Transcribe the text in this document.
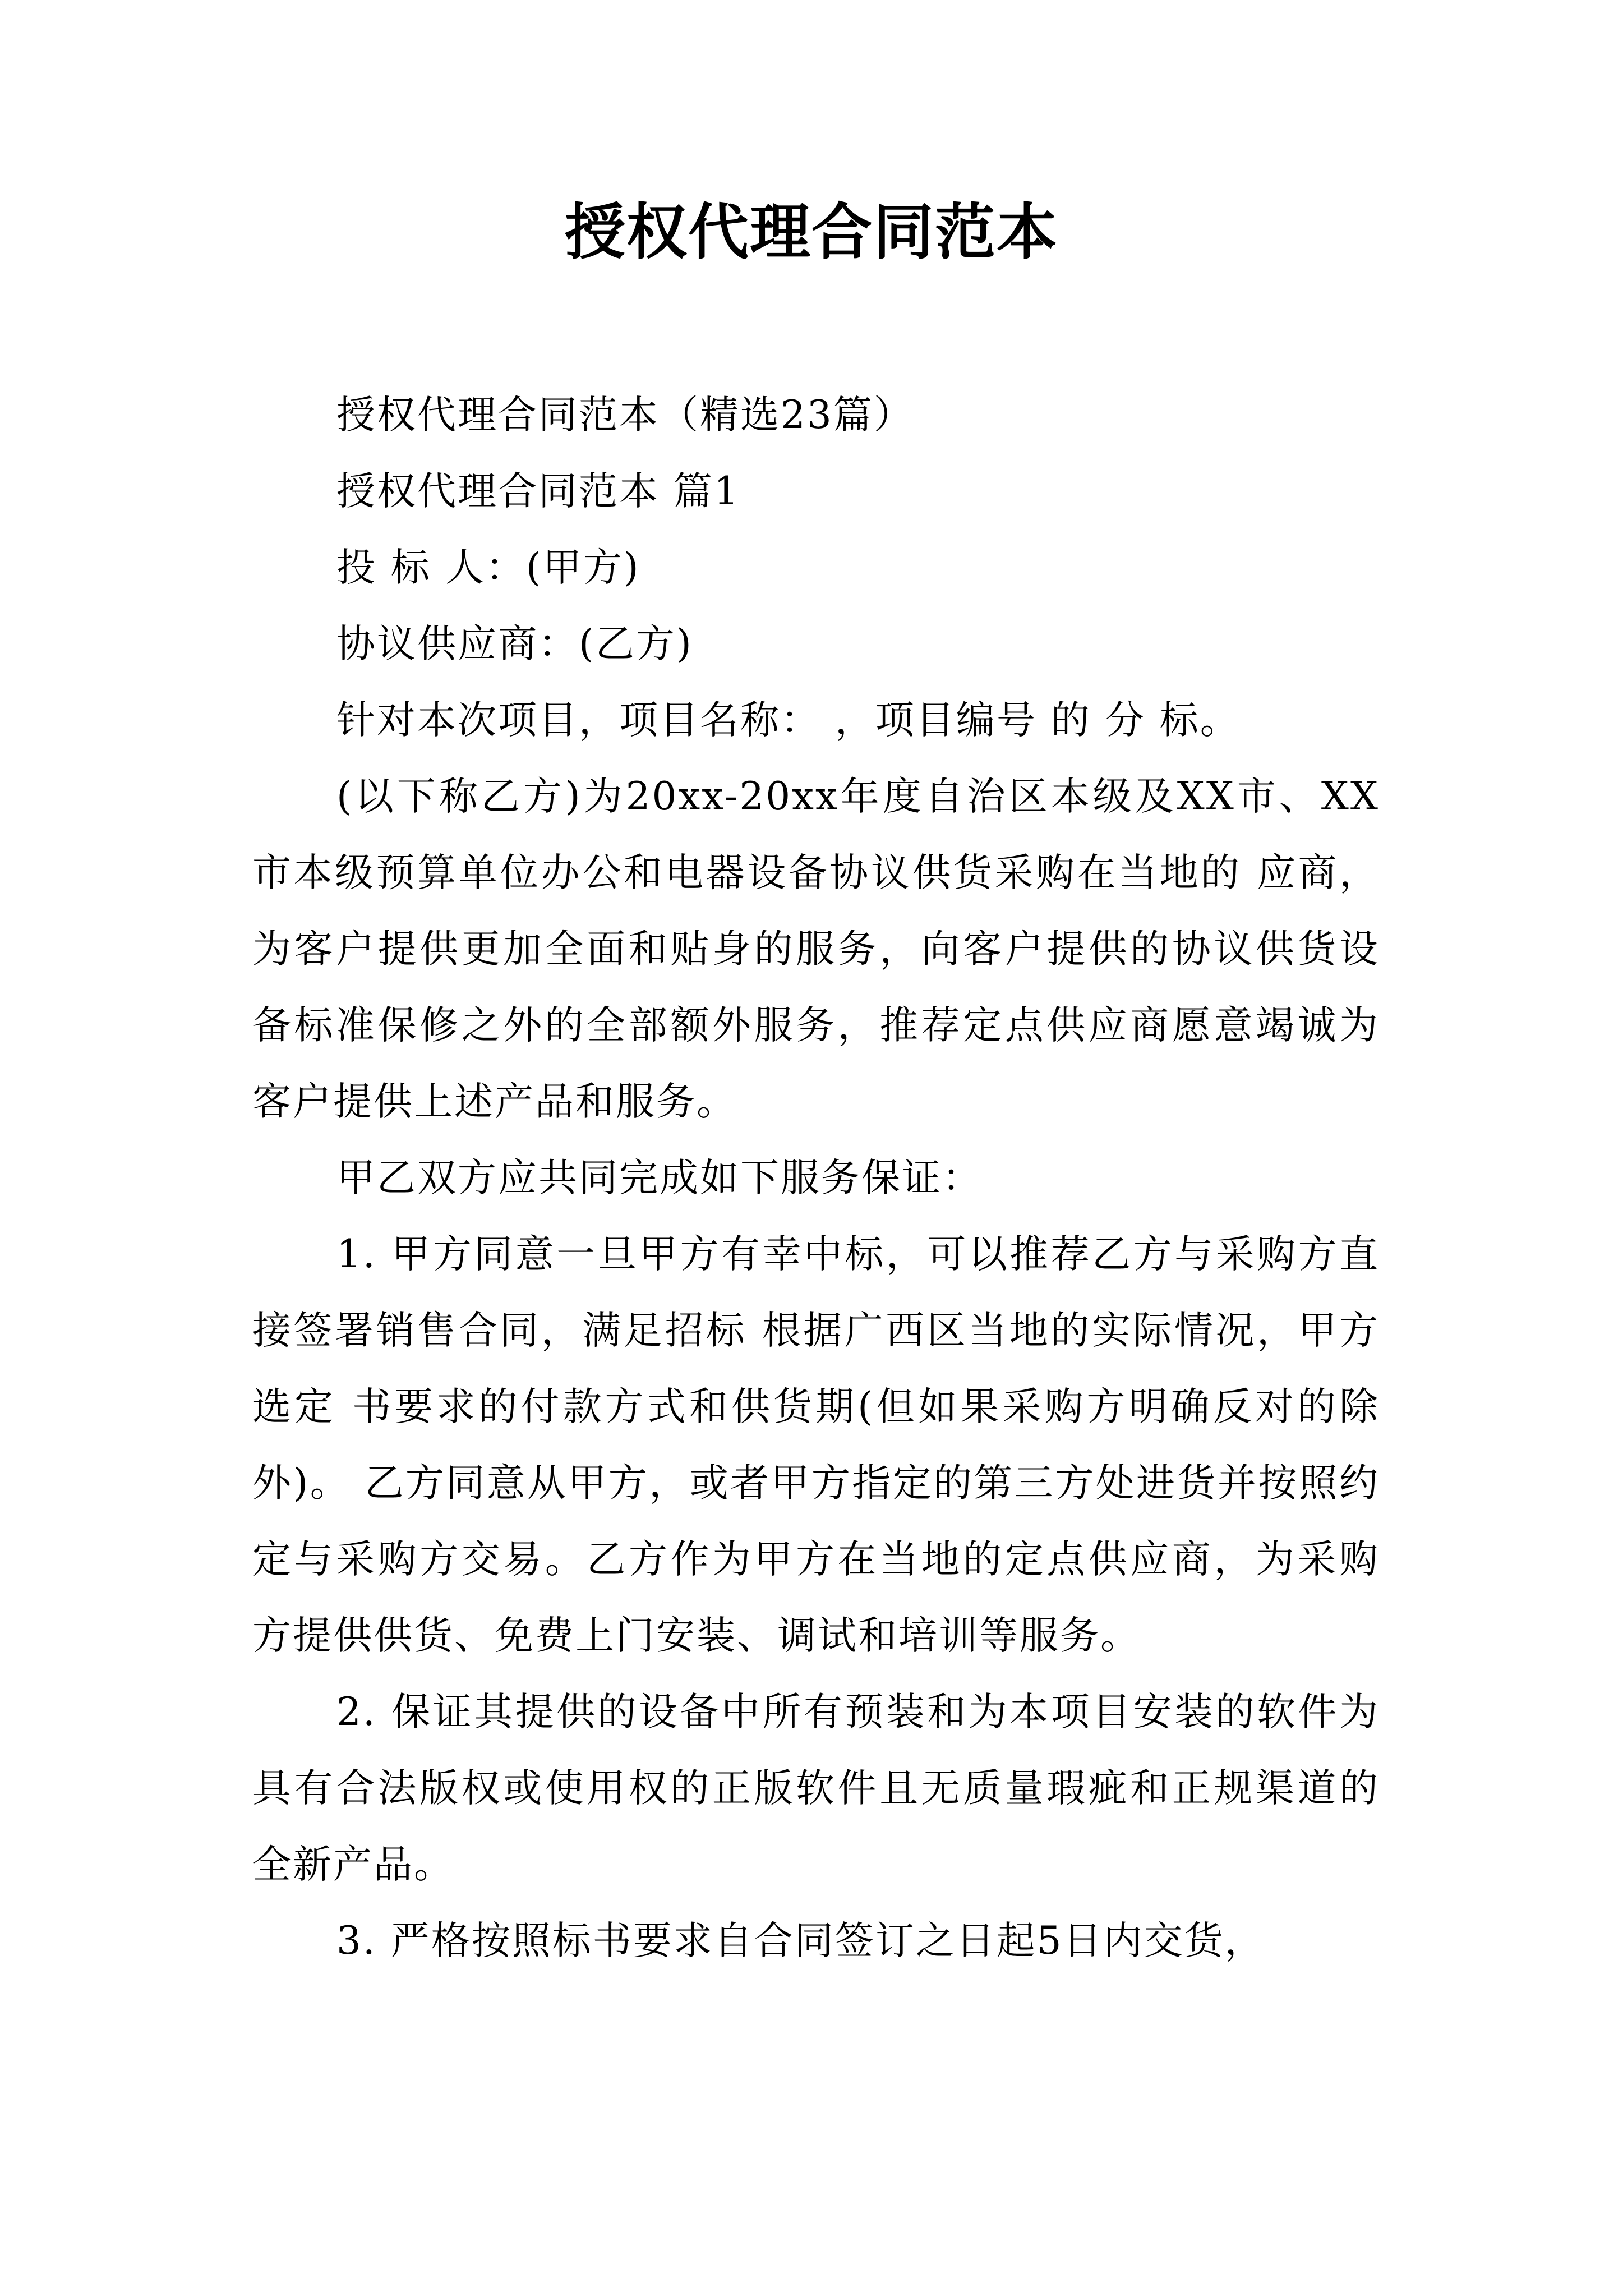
授权代理合同范本

授权代理合同范本（精选23篇）

授权代理合同范本 篇1

投 标 人：(甲方)

协议供应商：(乙方)

针对本次项目，项目名称： ，项目编号 的 分 标。

(以下称乙方)为20xx-20xx年度自治区本级及XX市、XX市本级预算单位办公和电器设备协议供货采购在当地的 应商，为客户提供更加全面和贴身的服务，向客户提供的协议供货设备标准保修之外的全部额外服务，推荐定点供应商愿意竭诚为客户提供上述产品和服务。

甲乙双方应共同完成如下服务保证：

1. 甲方同意一旦甲方有幸中标，可以推荐乙方与采购方直接签署销售合同，满足招标 根据广西区当地的实际情况，甲方 选定 书要求的付款方式和供货期(但如果采购方明确反对的除外)。 乙方同意从甲方，或者甲方指定的第三方处进货并按照约定与采购方交易。乙方作为甲方在当地的定点供应商，为采购方提供供货、免费上门安装、调试和培训等服务。

2. 保证其提供的设备中所有预装和为本项目安装的软件为具有合法版权或使用权的正版软件且无质量瑕疵和正规渠道的全新产品。

3. 严格按照标书要求自合同签订之日起5日内交货，
